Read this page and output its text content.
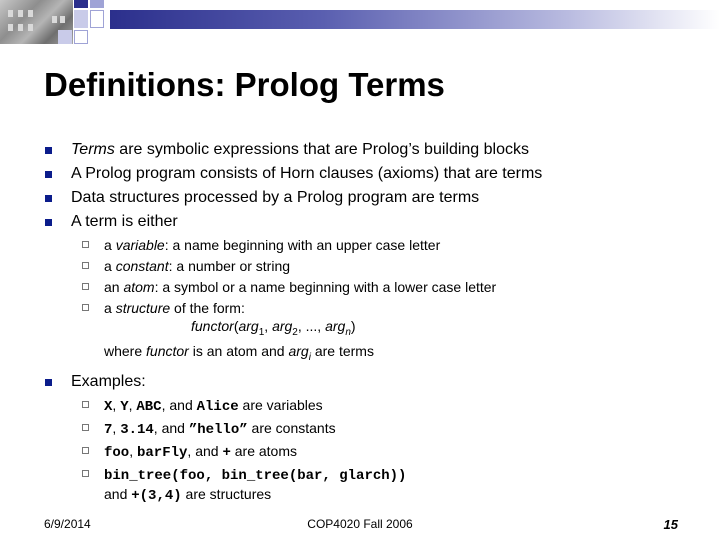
Definitions: Prolog Terms
Terms are symbolic expressions that are Prolog’s building blocks
A Prolog program consists of Horn clauses (axioms) that are terms
Data structures processed by a Prolog program are terms
A term is either
a variable: a name beginning with an upper case letter
a constant: a number or string
an atom: a symbol or a name beginning with a lower case letter
a structure of the form:
functor(arg$_1$, arg$_2$, ..., arg$_n$)
where functor is an atom and arg$_i$ are terms
Examples:
X, Y, ABC, and Alice are variables
7, 3.14, and ”hello” are constants
foo, barFly, and + are atoms
bin_tree(foo, bin_tree(bar, glarch))
and +(3,4) are structures
6/9/2014	COP4020 Fall 2006	15
